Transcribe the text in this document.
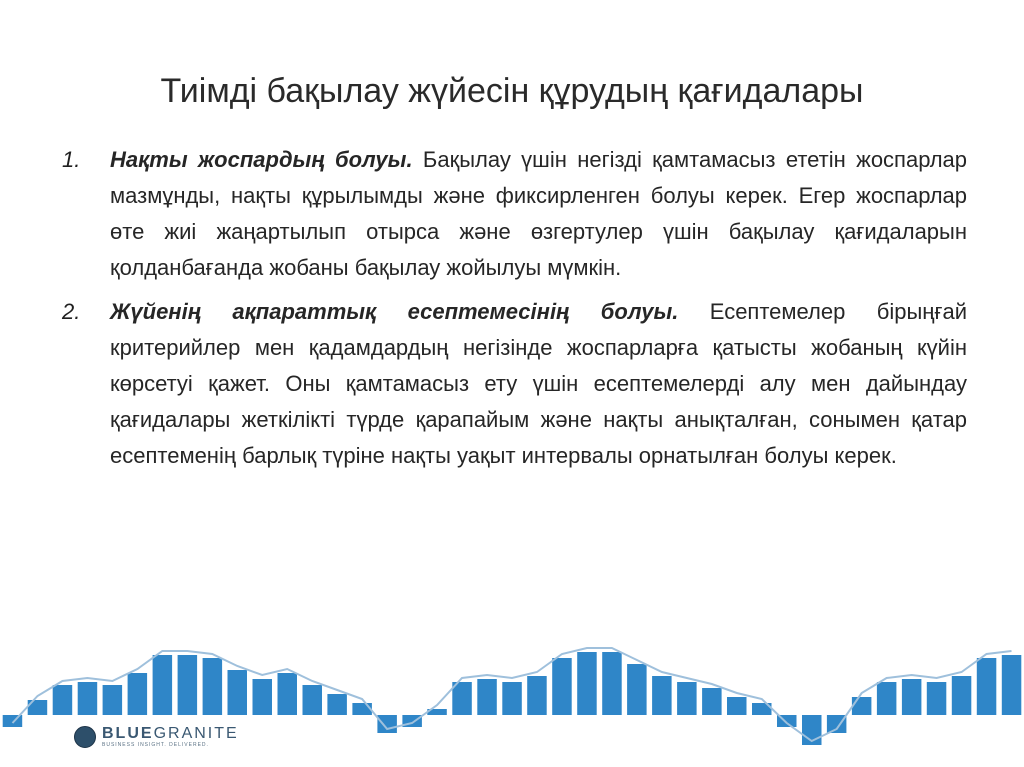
Тиімді бақылау жүйесін құрудың қағидалары
1.	Нақты жоспардың болуы. Бақылау үшін негізді қамтамасыз ететін жоспарлар мазмұнды, нақты құрылымды және фиксирленген болуы керек. Егер жоспарлар өте жиі жаңартылып отырса және өзгертулер үшін бақылау қағидаларын қолданбағанда жобаны бақылау жойылуы мүмкін.
2.	Жүйенің ақпараттық есептемесінің болуы. Есептемелер бірыңғай критерийлер мен қадамдардың негізінде жоспарларға қатысты жобаның күйін көрсетуі қажет. Оны қамтамасыз ету үшін есептемелерді алу мен дайындау қағидалары жеткілікті түрде қарапайым және нақты анықталған, сонымен қатар есептеменің барлық түріне нақты уақыт интервалы орнатылған болуы керек.
BLUEGRANITE
BUSINESS INSIGHT. DELIVERED.
